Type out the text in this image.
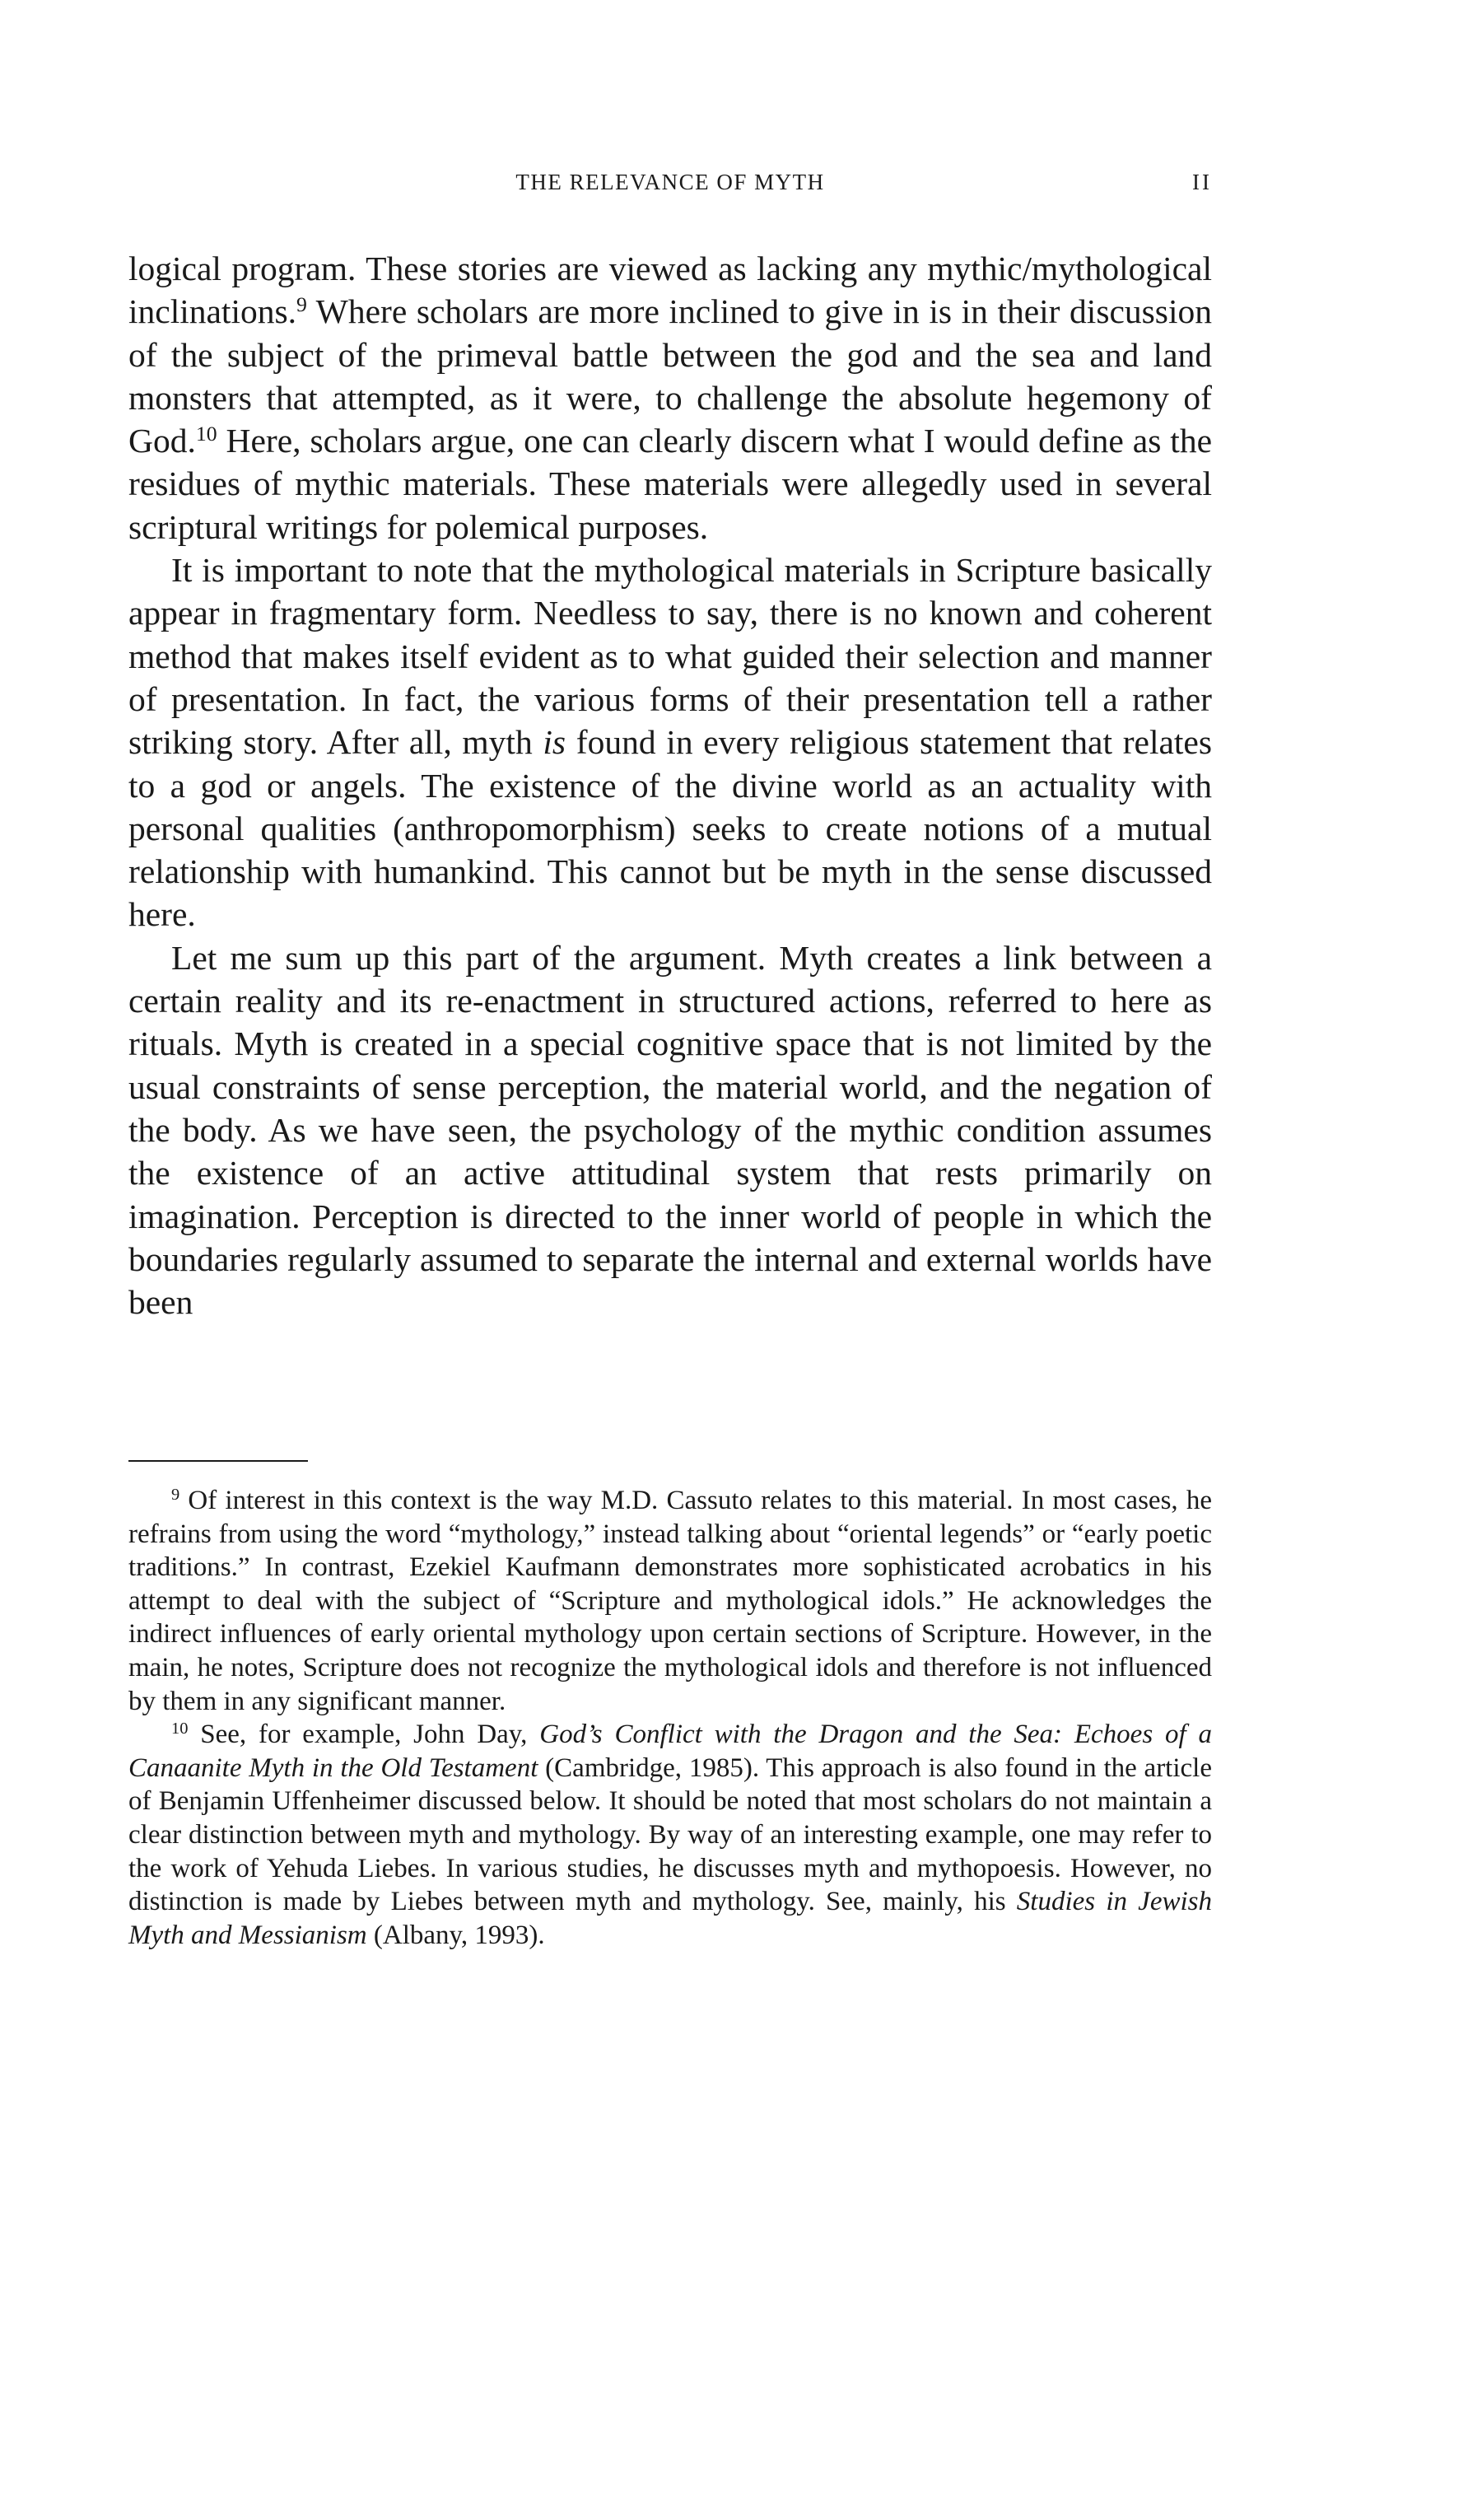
THE RELEVANCE OF MYTH	II

logical program. These stories are viewed as lacking any mythic/mythological inclinations.$^9$ Where scholars are more inclined to give in is in their discussion of the subject of the primeval battle between the god and the sea and land monsters that attempted, as it were, to challenge the absolute hegemony of God.$^{10}$ Here, scholars argue, one can clearly discern what I would define as the residues of mythic materials. These materials were allegedly used in several scriptural writings for polemical purposes.

It is important to note that the mythological materials in Scripture basically appear in fragmentary form. Needless to say, there is no known and coherent method that makes itself evident as to what guided their selection and manner of presentation. In fact, the various forms of their presentation tell a rather striking story. After all, myth is found in every religious statement that relates to a god or angels. The existence of the divine world as an actuality with personal qualities (anthropomorphism) seeks to create notions of a mutual relationship with humankind. This cannot but be myth in the sense discussed here.

Let me sum up this part of the argument. Myth creates a link between a certain reality and its re-enactment in structured actions, referred to here as rituals. Myth is created in a special cognitive space that is not limited by the usual constraints of sense perception, the material world, and the negation of the body. As we have seen, the psychology of the mythic condition assumes the existence of an active attitudinal system that rests primarily on imagination. Perception is directed to the inner world of people in which the boundaries regularly assumed to separate the internal and external worlds have been

$^9$ Of interest in this context is the way M.D. Cassuto relates to this material. In most cases, he refrains from using the word “mythology,” instead talking about “oriental legends” or “early poetic traditions.” In contrast, Ezekiel Kaufmann demonstrates more sophisticated acrobatics in his attempt to deal with the subject of “Scripture and mythological idols.” He acknowledges the indirect influences of early oriental mythology upon certain sections of Scripture. However, in the main, he notes, Scripture does not recognize the mythological idols and therefore is not influenced by them in any significant manner.

$^{10}$ See, for example, John Day, God’s Conflict with the Dragon and the Sea: Echoes of a Canaanite Myth in the Old Testament (Cambridge, 1985). This approach is also found in the article of Benjamin Uffenheimer discussed below. It should be noted that most scholars do not maintain a clear distinction between myth and mythology. By way of an interesting example, one may refer to the work of Yehuda Liebes. In various studies, he discusses myth and mythopoesis. However, no distinction is made by Liebes between myth and mythology. See, mainly, his Studies in Jewish Myth and Messianism (Albany, 1993).
